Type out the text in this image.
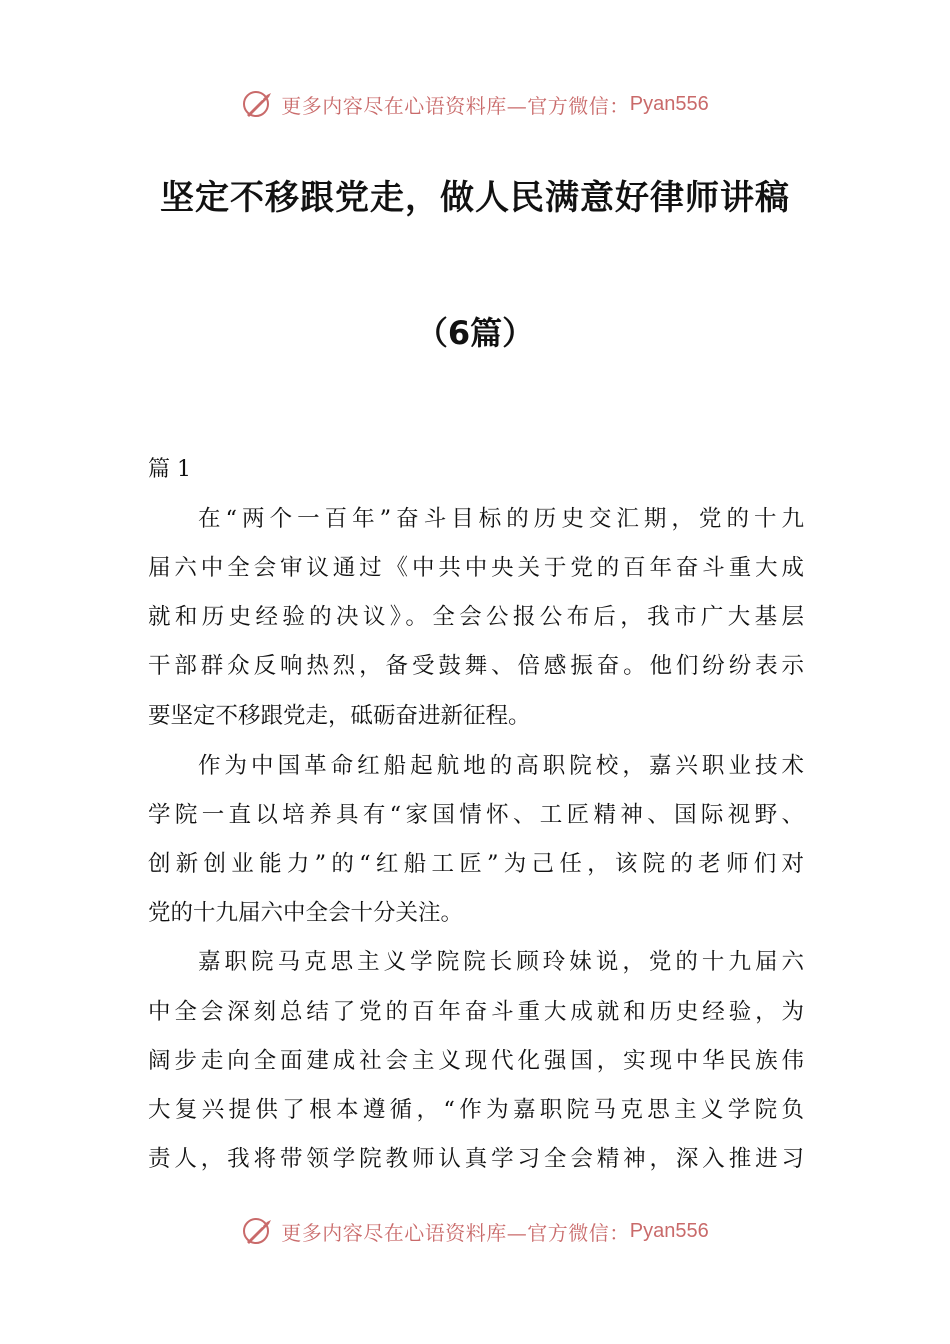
更多内容尽在心语资料库—官方微信： Pyan556
坚定不移跟党走，做人民满意好律师讲稿
（6篇）
篇 1
在“两个一百年”奋斗目标的历史交汇期，党的十九
届六中全会审议通过《中共中央关于党的百年奋斗重大成
就和历史经验的决议》。全会公报公布后，我市广大基层
干部群众反响热烈，备受鼓舞、倍感振奋。他们纷纷表示
要坚定不移跟党走，砥砺奋进新征程。
作为中国革命红船起航地的高职院校，嘉兴职业技术
学院一直以培养具有“家国情怀、工匠精神、国际视野、
创新创业能力”的“红船工匠”为己任，该院的老师们对
党的十九届六中全会十分关注。
嘉职院马克思主义学院院长顾玲妹说，党的十九届六
中全会深刻总结了党的百年奋斗重大成就和历史经验，为
阔步走向全面建成社会主义现代化强国，实现中华民族伟
大复兴提供了根本遵循，“作为嘉职院马克思主义学院负
责人，我将带领学院教师认真学习全会精神，深入推进习
更多内容尽在心语资料库—官方微信： Pyan556
